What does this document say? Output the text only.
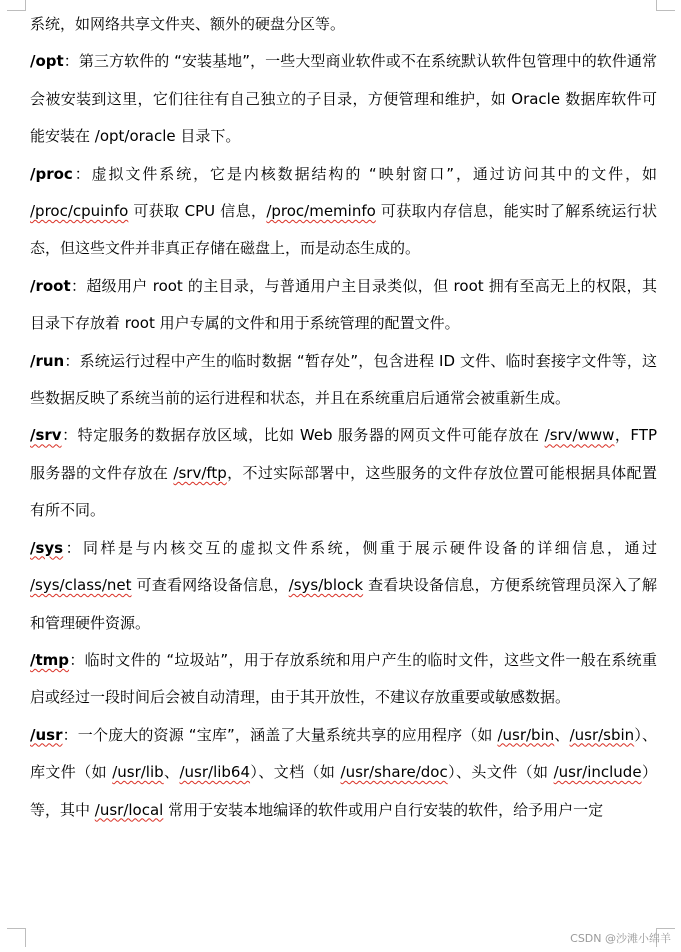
系统，如网络共享文件夹、额外的硬盘分区等。

/opt：第三方软件的 “安装基地”，一些大型商业软件或不在系统默认软件包管理中的软件通常会被安装到这里，它们往往有自己独立的子目录，方便管理和维护，如 Oracle 数据库软件可能安装在 /opt/oracle 目录下。

/proc：虚拟文件系统，它是内核数据结构的 “映射窗口”，通过访问其中的文件，如 /proc/cpuinfo 可获取 CPU 信息，/proc/meminfo 可获取内存信息，能实时了解系统运行状态，但这些文件并非真正存储在磁盘上，而是动态生成的。

/root：超级用户 root 的主目录，与普通用户主目录类似，但 root 拥有至高无上的权限，其目录下存放着 root 用户专属的文件和用于系统管理的配置文件。

/run：系统运行过程中产生的临时数据 “暂存处”，包含进程 ID 文件、临时套接字文件等，这些数据反映了系统当前的运行进程和状态，并且在系统重启后通常会被重新生成。

/srv：特定服务的数据存放区域，比如 Web 服务器的网页文件可能存放在 /srv/www，FTP 服务器的文件存放在 /srv/ftp，不过实际部署中，这些服务的文件存放位置可能根据具体配置有所不同。

/sys：同样是与内核交互的虚拟文件系统，侧重于展示硬件设备的详细信息，通过 /sys/class/net 可查看网络设备信息，/sys/block 查看块设备信息，方便系统管理员深入了解和管理硬件资源。

/tmp：临时文件的 “垃圾站”，用于存放系统和用户产生的临时文件，这些文件一般在系统重启或经过一段时间后会被自动清理，由于其开放性，不建议存放重要或敏感数据。

/usr：一个庞大的资源 “宝库”，涵盖了大量系统共享的应用程序（如 /usr/bin、/usr/sbin）、库文件（如 /usr/lib、/usr/lib64）、文档（如 /usr/share/doc）、头文件（如 /usr/include）等，其中 /usr/local 常用于安装本地编译的软件或用户自行安装的软件，给予用户一定

CSDN @沙滩小绵羊
